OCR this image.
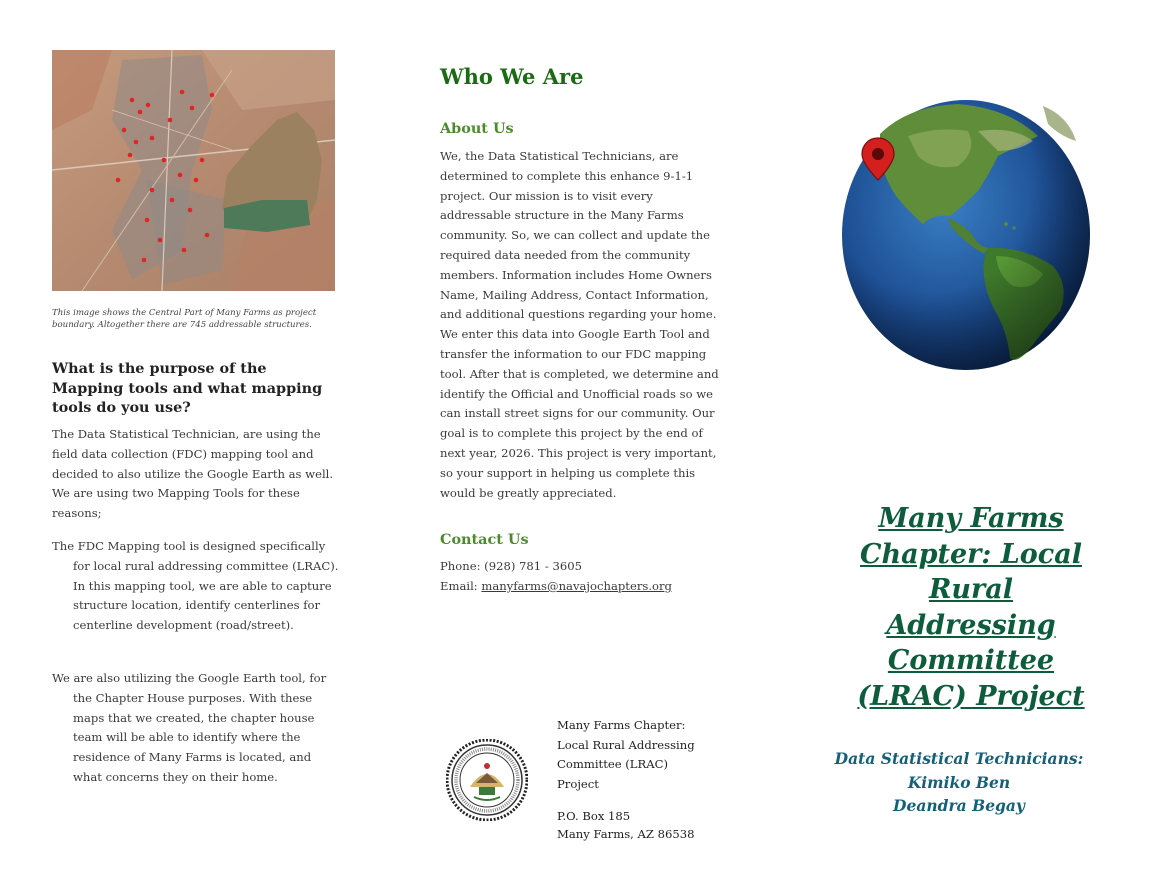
This image shows the Central Part of Many Farms as project boundary. Altogether there are 745 addressable structures.
What is the purpose of the Mapping tools and what mapping tools do you use?
The Data Statistical Technician, are using the field data collection (FDC) mapping tool and decided to also utilize the Google Earth as well. We are using two Mapping Tools for these reasons;
The FDC Mapping tool is designed specifically for local rural addressing committee (LRAC). In this mapping tool, we are able to capture structure location, identify centerlines for centerline development (road/street).
We are also utilizing the Google Earth tool, for the Chapter House purposes. With these maps that we created, the chapter house team will be able to identify where the residence of Many Farms is located, and what concerns they on their home.
Who We Are
About Us
We, the Data Statistical Technicians, are determined to complete this enhance 9-1-1 project. Our mission is to visit every addressable structure in the Many Farms community. So, we can collect and update the required data needed from the community members. Information includes Home Owners Name, Mailing Address, Contact Information, and additional questions regarding your home. We enter this data into Google Earth Tool and transfer the information to our FDC mapping tool. After that is completed, we determine and identify the Official and Unofficial roads so we can install street signs for our community. Our goal is to complete this project by the end of next year, 2026. This project is very important, so your support in helping us complete this would be greatly appreciated.
Contact Us
Phone: (928) 781 - 3605
Email: manyfarms@navajochapters.org
Many Farms Chapter:
Local Rural Addressing
Committee (LRAC)
Project
P.O. Box 185
Many Farms, AZ 86538
Many Farms
Chapter: Local
Rural Addressing
Committee
(LRAC) Project
Data Statistical Technicians:
Kimiko Ben
Deandra Begay
